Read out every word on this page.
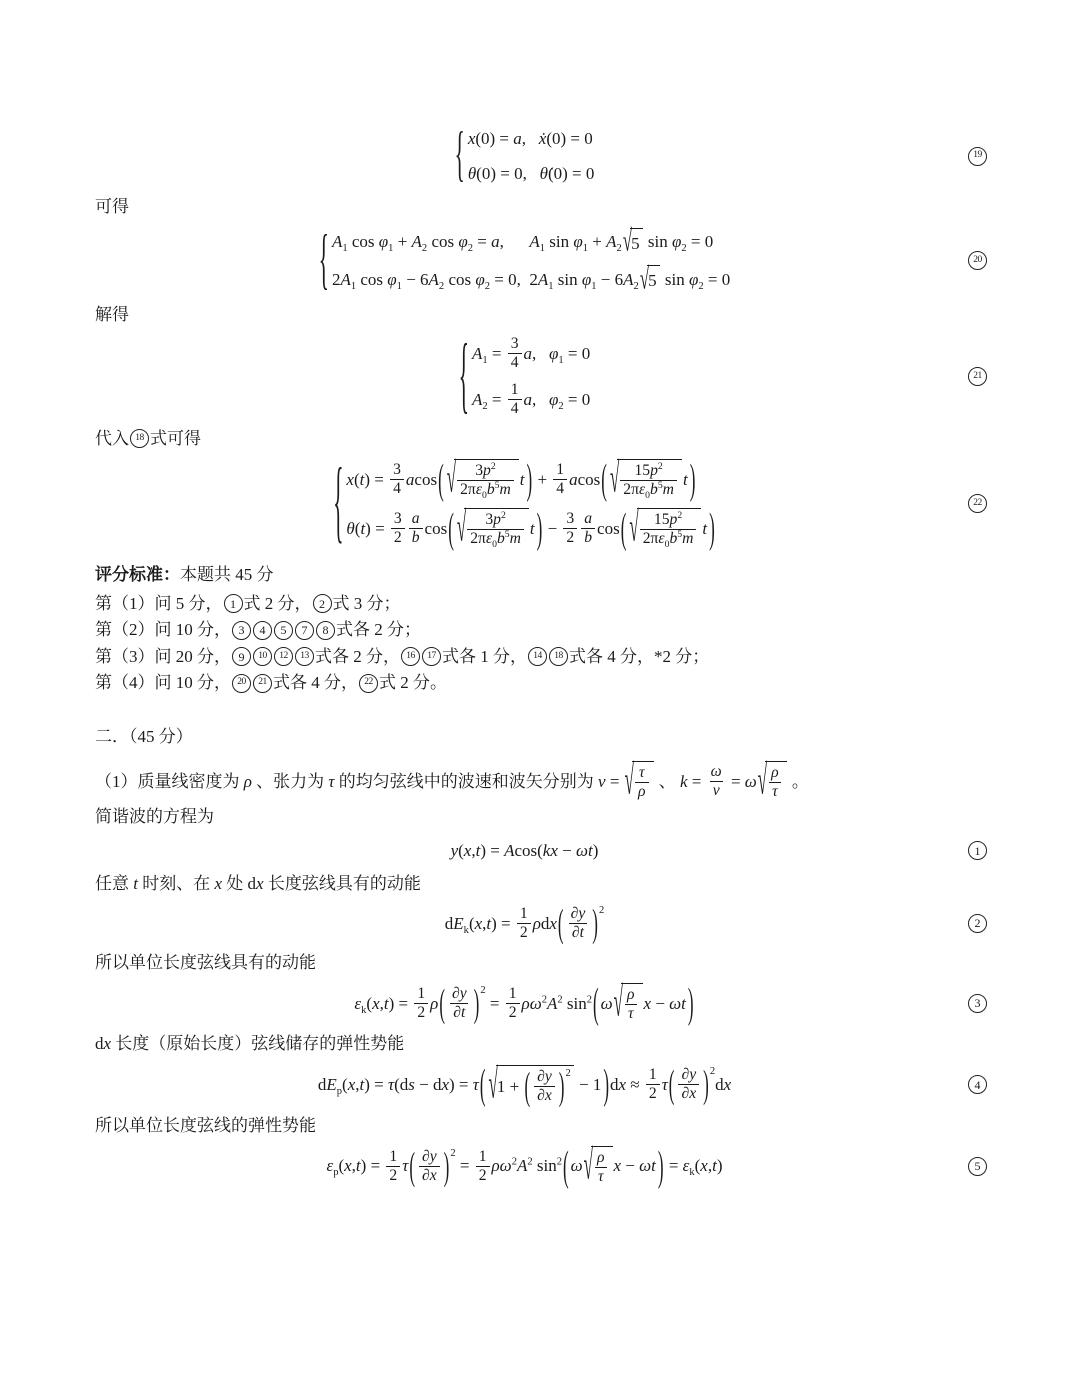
{ x (0) = a , ẋ (0) = 0
θ (0) = 0, θ̇ (0) = 0
19
可得
{ $A_1$ $\cos \varphi_1 + A_2$ $\cos \varphi_2 = a$ , $A_1$ $\sin \varphi_1 + A_2$ √ 5 $\sin \varphi_2 = 0$
2 $A_1$ $\cos \varphi_1 - 6$ $A_2$ $\cos \varphi_2 = 0$,  2 $A_1$ $\sin \varphi_1 - 6$ $A_2$ √ 5 $\sin \varphi_2 = 0$
20
解得
{ $A_1 = \frac{3}{4}$ a , $\varphi_1 = 0$
$A_2 = \frac{1}{4}$ a , $\varphi_2 = 0$
21
代入 18 式可得
{ x ( t ) = $\frac{3}{4}$ a cos ( √ 3 $p^2$
2π $\varepsilon_0$ $b^5$ m
t ) + $\frac{1}{4}$ a cos ( √ 15 $p^2$
2π $\varepsilon_0$ $b^5$ m
t )
θ ( t ) = $\frac{3}{2}$ a
b cos ( √ 3 $p^2$
2π $\varepsilon_0$ $b^5$ m
t ) − $\frac{3}{2}$ a
b cos ( √ 15 $p^2$
2π $\varepsilon_0$ $b^5$ m
t )
22
评分标准： 本题共 45 分
第（1）问 5 分， 1 式 2 分， 2 式 3 分；
第（2）问 10 分， 3	4	5	7	8 式各 2 分；
第（3）问 20 分， 9	10	12	13 式各 2 分， 16	17 式各 1 分， 14	18 式各 4 分，*2 分；
第（4）问 10 分， 20	21 式各 4 分， 22 式 2 分。
二．（45 分）
（1）质量线密度为 ρ 、张力为 τ 的均匀弦线中的波速和波矢分别为 v = √ τ
ρ
、 $k = \frac{\omega}{v} = \omega$ √ ρ
τ
。
简谐波的方程为
y ( x , t ) = A cos( k x − ω t )	1
任意 t 时刻、在 x 处 d x 长度弦线具有的动能
d $E_k$ ( x , t ) = $\frac{1}{2}$ ρ d x ( ∂ y
∂ t ) 2
2
所以单位长度弦线具有的动能
$\varepsilon_k$ ( x , t ) = $\frac{1}{2}$ ρ ( ∂ y
∂ t ) 2
= $\frac{1}{2}$ ρ $\omega^2$ $A^2$
$\sin^2$ ( ω √ ρ
τ
x − ω t )	3
d x 长度（原始长度）弦线储存的弹性势能
d $E_p$ ( x , t ) = τ (d s − d x ) = τ ( √ 1 + ( ∂ y
∂ x ) 2
− 1 ) d $x \approx \frac{1}{2}$ τ ( ∂ y
∂ x ) 2
d x	4
所以单位长度弦线的弹性势能
$\varepsilon_p$ ( x , t ) = $\frac{1}{2}$ τ ( ∂ y
∂ x ) 2
= $\frac{1}{2}$ ρ $\omega^2$ $A^2$
$\sin^2$ ( ω √ ρ
τ
x − ω t ) = $\varepsilon_k$ ( x , t )	5
